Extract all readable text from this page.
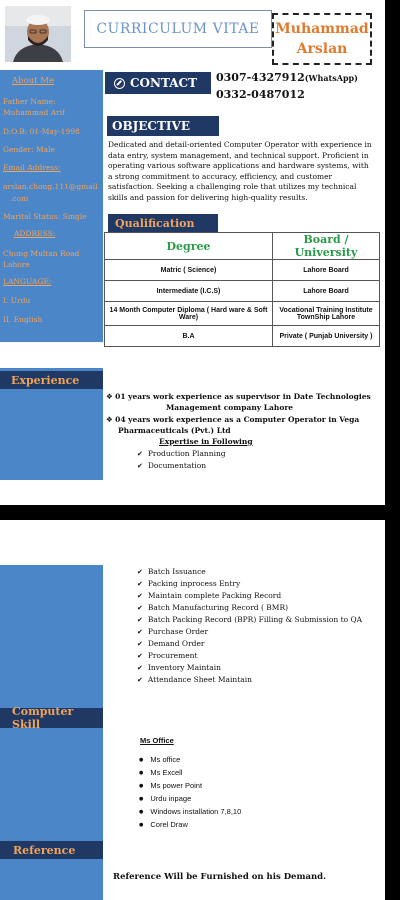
CURRICULUM VITAE Muhammad
Arslan
About Me
Father Name:
Muhammad Arif
D.O.B: 01-May-1998
Gender: Male
Email Address:
arslan.chong.111@gmail
.com
Marital Status: Single
ADDRESS:
Chung Multan Road
Lahore
LANGUAGE:
I. Urdu
II. English
CONTACT 0307-4327912(WhatsApp)
0332-0487012
OBJECTIVE
Dedicated and detail-oriented Computer Operator with experience in data entry, system management, and technical support. Proficient in operating various software applications and hardware systems, with a strong commitment to accuracy, efficiency, and customer satisfaction. Seeking a challenging role that utilizes my technical skills and passion for delivering high-quality results.
Qualification
Degree	Board / University
Matric ( Science)	Lahore Board
Intermediate (I.C.S)	Lahore Board
14 Month Computer Diploma ( Hard ware & Soft Ware)	Vocational Training Institute TownShip Lahore
B.A	Private ( Punjab University )
Experience
❖ 01 years work experience as supervisor in Date Technologies
Management company Lahore
❖ 04 years work experience as a Computer Operator in Vega
Pharmaceuticals (Pvt.) Ltd
Expertise in Following
✔ Production Planning
✔ Documentation
✔ Batch Issuance
✔ Packing inprocess Entry
✔ Maintain complete Packing Record
✔ Batch Manufacturing Record ( BMR)
✔ Batch Packing Record (BPR) Filling & Submission to QA
✔ Purchase Order
✔ Demand Order
✔ Procurement
✔ Inventory Maintain
✔ Attendance Sheet Maintain
Computer Skill
Ms Office
● Ms office
● Ms Excell
● Ms power Point
● Urdu inpage
● Windows installation 7,8,10
● Corel Draw
Reference
Reference Will be Furnished on his Demand.
